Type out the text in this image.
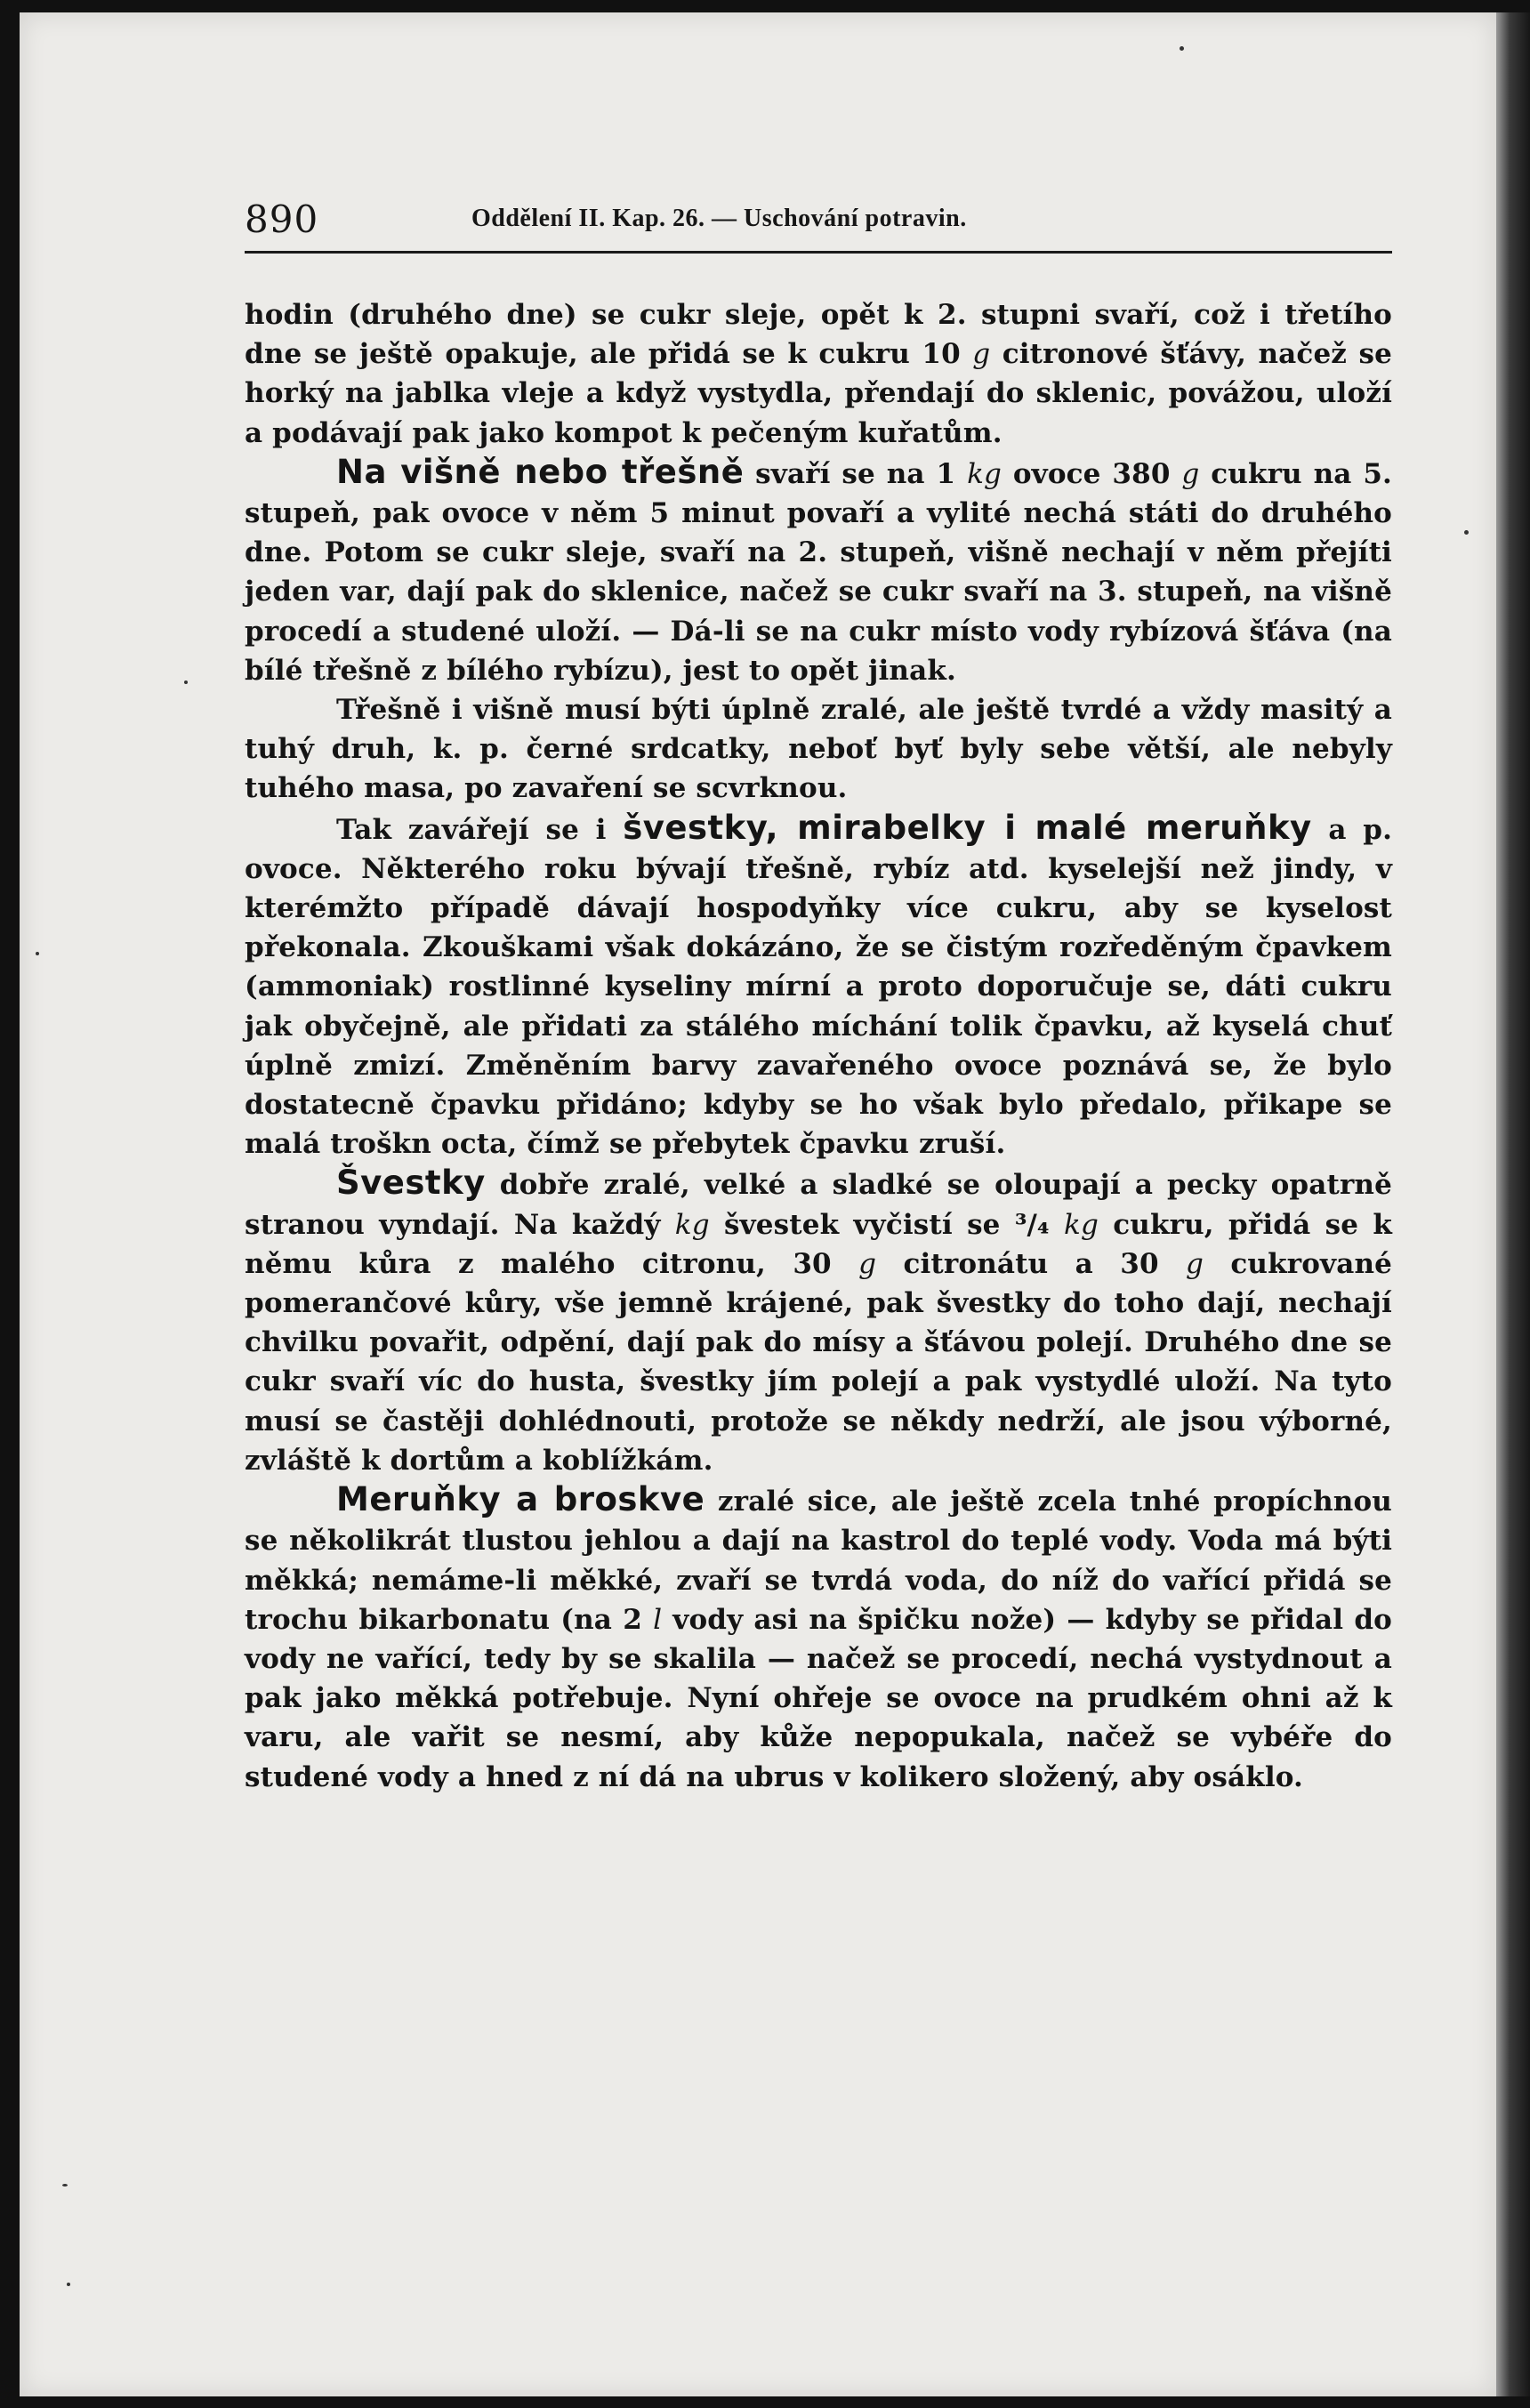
890	Oddělení II. Kap. 26. — Uschování potravin.

hodin (druhého dne) se cukr sleje, opět k 2. stupni svaří, což i třetího dne se ještě opakuje, ale přidá se k cukru 10 g citronové šťávy, načež se horký na jablka vleje a když vystydla, přendají do sklenic, povážou, uloží a podávají pak jako kompot k pečeným kuřatům.

Na višně nebo třešně svaří se na 1 kg ovoce 380 g cukru na 5. stupeň, pak ovoce v něm 5 minut povaří a vylité nechá státi do druhého dne. Potom se cukr sleje, svaří na 2. stupeň, višně nechají v něm přejíti jeden var, dají pak do sklenice, načež se cukr svaří na 3. stupeň, na višně procedí a studené uloží. — Dá-li se na cukr místo vody rybízová šťáva (na bílé třešně z bílého rybízu), jest to opět jinak.

Třešně i višně musí býti úplně zralé, ale ještě tvrdé a vždy masitý a tuhý druh, k. p. černé srdcatky, neboť byť byly sebe větší, ale nebyly tuhého masa, po zavaření se scvrknou.

Tak zavářejí se i švestky, mirabelky i malé meruňky a p. ovoce. Některého roku bývají třešně, rybíz atd. kyselejší než jindy, v kterémžto případě dávají hospodyňky více cukru, aby se kyselost překonala. Zkouškami však dokázáno, že se čistým rozředěným čpavkem (ammoniak) rostlinné kyseliny mírní a proto doporučuje se, dáti cukru jak obyčejně, ale přidati za stálého míchání tolik čpavku, až kyselá chuť úplně zmizí. Změněním barvy zavařeného ovoce poznává se, že bylo dostatecně čpavku přidáno; kdyby se ho však bylo předalo, přikape se malá troškn octa, čímž se přebytek čpavku zruší.

Švestky dobře zralé, velké a sladké se oloupají a pecky opatrně stranou vyndají. Na každý kg švestek vyčistí se ³/₄ kg cukru, přidá se k němu kůra z malého citronu, 30 g citronátu a 30 g cukrované pomerančové kůry, vše jemně krájené, pak švestky do toho dají, nechají chvilku povařit, odpění, dají pak do mísy a šťávou polejí. Druhého dne se cukr svaří víc do husta, švestky jím polejí a pak vystydlé uloží. Na tyto musí se častěji dohlédnouti, protože se někdy nedrží, ale jsou výborné, zvláště k dortům a koblížkám.

Meruňky a broskve zralé sice, ale ještě zcela tnhé propíchnou se několikrát tlustou jehlou a dají na kastrol do teplé vody. Voda má býti měkká; nemáme-li měkké, zvaří se tvrdá voda, do níž do vařící přidá se trochu bikarbonatu (na 2 l vody asi na špičku nože) — kdyby se přidal do vody ne vařící, tedy by se skalila — načež se procedí, nechá vystydnout a pak jako měkká potřebuje. Nyní ohřeje se ovoce na prudkém ohni až k varu, ale vařit se nesmí, aby kůže nepopukala, načež se vybéře do studené vody a hned z ní dá na ubrus v kolikero složený, aby osáklo.
